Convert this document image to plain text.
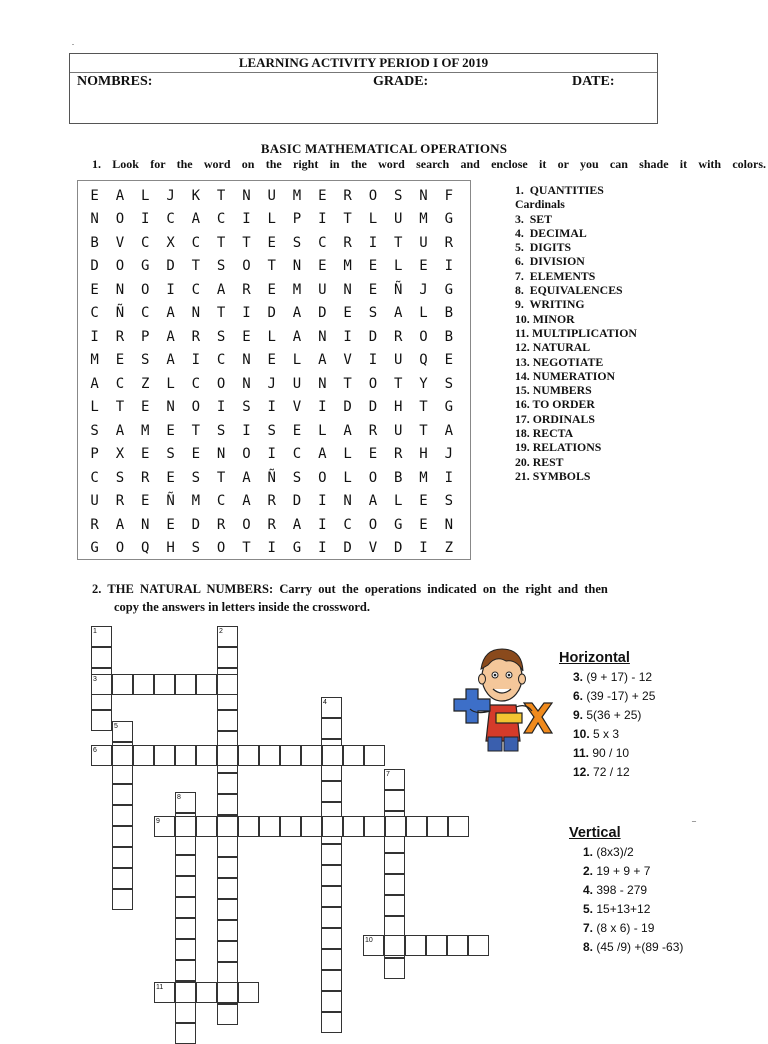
-
LEARNING ACTIVITY PERIOD I OF 2019
NOMBRES:	GRADE:	DATE:
BASIC MATHEMATICAL OPERATIONS
1. Look for the word on the right in the word search and enclose it or you can shade it with colors.
E	A	L	J	K	T	N	U	M	E	R	O	S	N	F
N	O	I	C	A	C	I	L	P	I	T	L	U	M	G
B	V	C	X	C	T	T	E	S	C	R	I	T	U	R
D	O	G	D	T	S	O	T	N	E	M	E	L	E	I
E	N	O	I	C	A	R	E	M	U	N	E	Ñ	J	G
C	Ñ	C	A	N	T	I	D	A	D	E	S	A	L	B
I	R	P	A	R	S	E	L	A	N	I	D	R	O	B
M	E	S	A	I	C	N	E	L	A	V	I	U	Q	E
A	C	Z	L	C	O	N	J	U	N	T	O	T	Y	S
L	T	E	N	O	I	S	I	V	I	D	D	H	T	G
S	A	M	E	T	S	I	S	E	L	A	R	U	T	A
P	X	E	S	E	N	O	I	C	A	L	E	R	H	J
C	S	R	E	S	T	A	Ñ	S	O	L	O	B	M	I
U	R	E	Ñ	M	C	A	R	D	I	N	A	L	E	S
R	A	N	E	D	R	O	R	A	I	C	O	G	E	N
G	O	Q	H	S	O	T	I	G	I	D	V	D	I	Z
1.  QUANTITIES
Cardinals
3.  SET
4.  DECIMAL
5.  DIGITS
6.  DIVISION
7.  ELEMENTS
8.  EQUIVALENCES
9.  WRITING
10. MINOR
11. MULTIPLICATION
12. NATURAL
13. NEGOTIATE
14. NUMERATION
15. NUMBERS
16. TO ORDER
17. ORDINALS
18. RECTA
19. RELATIONS
20. REST
21. SYMBOLS
2.  THE  NATURAL  NUMBERS:  Carry  out  the  operations  indicated  on  the  right  and  then
copy the answers in letters inside the crossword.
1	2
3
4
5
6
7
8
9
10
11
Horizontal
3. (9 + 17) - 12
6. (39 -17) + 25
9. 5(36 + 25)
10. 5 x 3
11. 90 / 10
12. 72 / 12
–
Vertical
1. (8x3)/2
2. 19 + 9 + 7
4. 398 - 279
5. 15+13+12
7. (8 x 6) - 19
8. (45 /9) +(89 -63)
